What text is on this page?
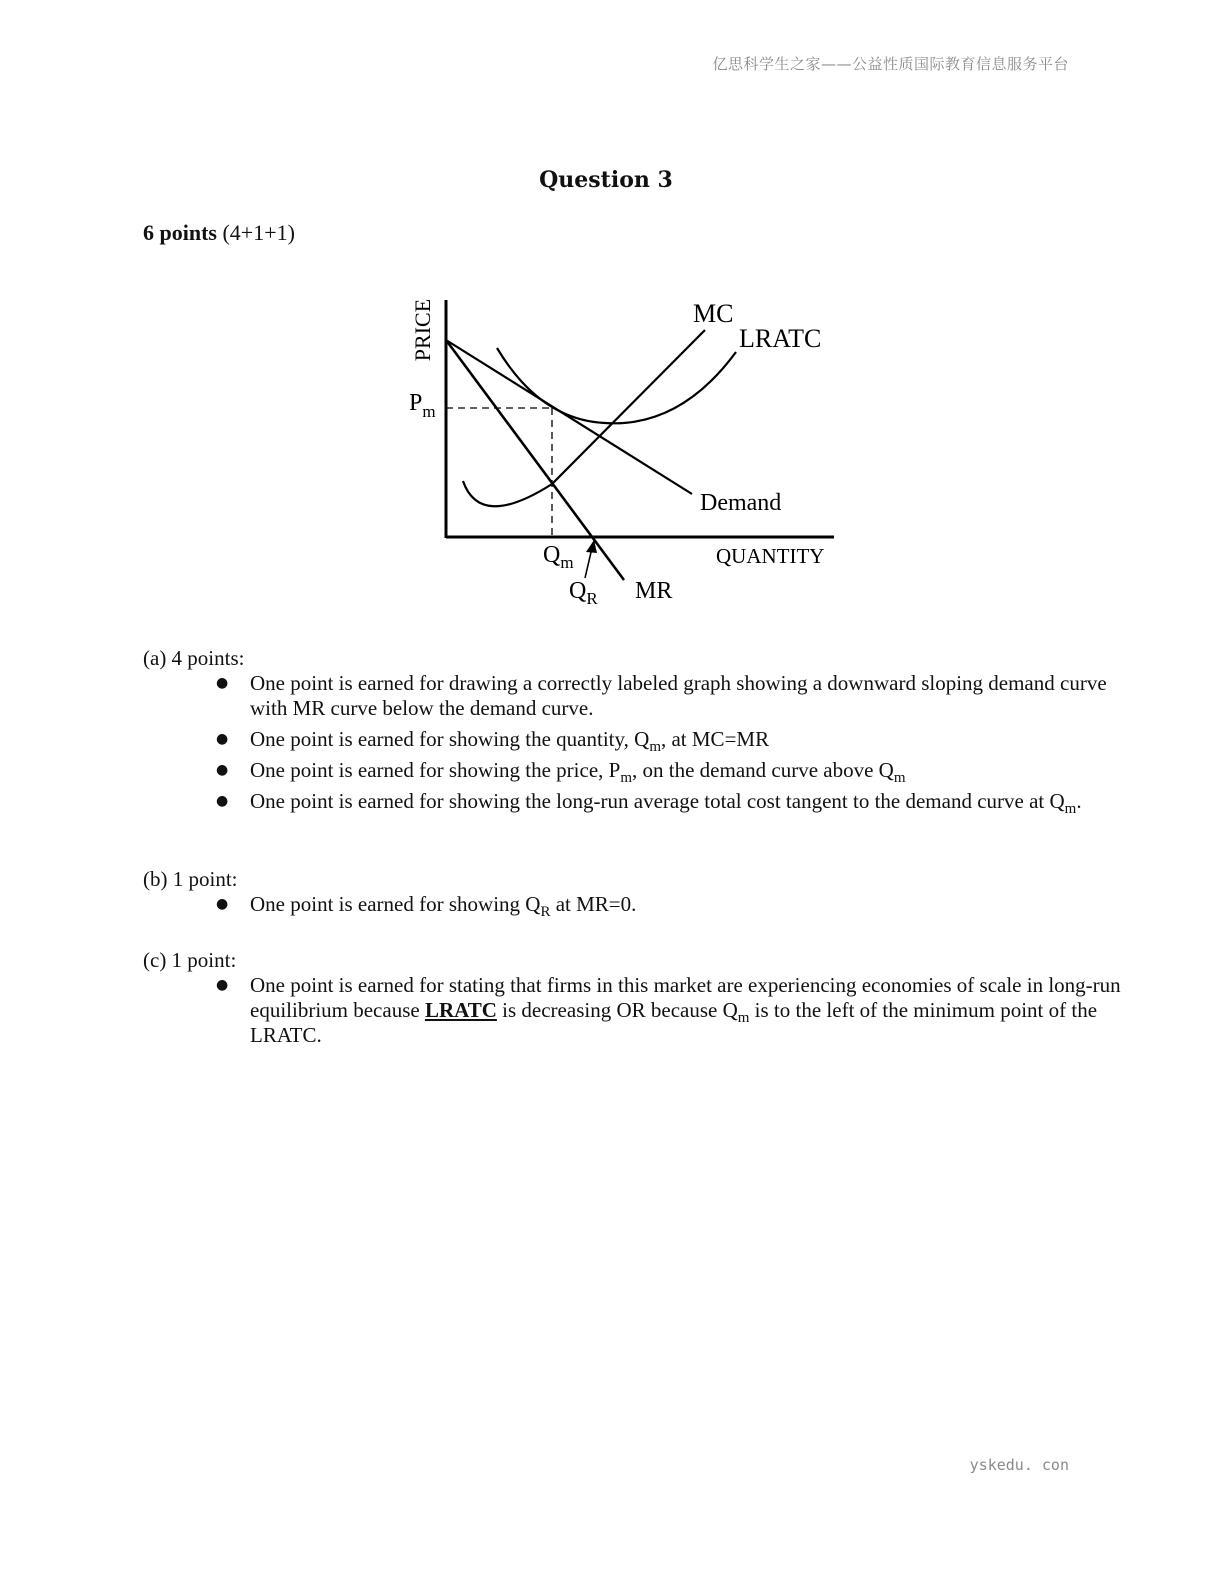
亿思科学生之家——公益性质国际教育信息服务平台
Question 3
6 points (4+1+1)
PRICE
$P_m$
$Q_m$
$Q_R$
MC
LRATC
Demand
QUANTITY
MR

(a) 4 points:

● One point is earned for drawing a correctly labeled graph showing a downward sloping demand curve with MR curve below the demand curve.
● One point is earned for showing the quantity, $Q_m$, at MC=MR
● One point is earned for showing the price, $P_m$, on the demand curve above $Q_m$
● One point is earned for showing the long-run average total cost tangent to the demand curve at $Q_m$.

(b) 1 point:

● One point is earned for showing $Q_R$ at MR=0.

(c) 1 point:

● One point is earned for stating that firms in this market are experiencing economies of scale in long-run equilibrium because LRATC is decreasing OR because $Q_m$ is to the left of the minimum point of the LRATC.
yskedu. con
